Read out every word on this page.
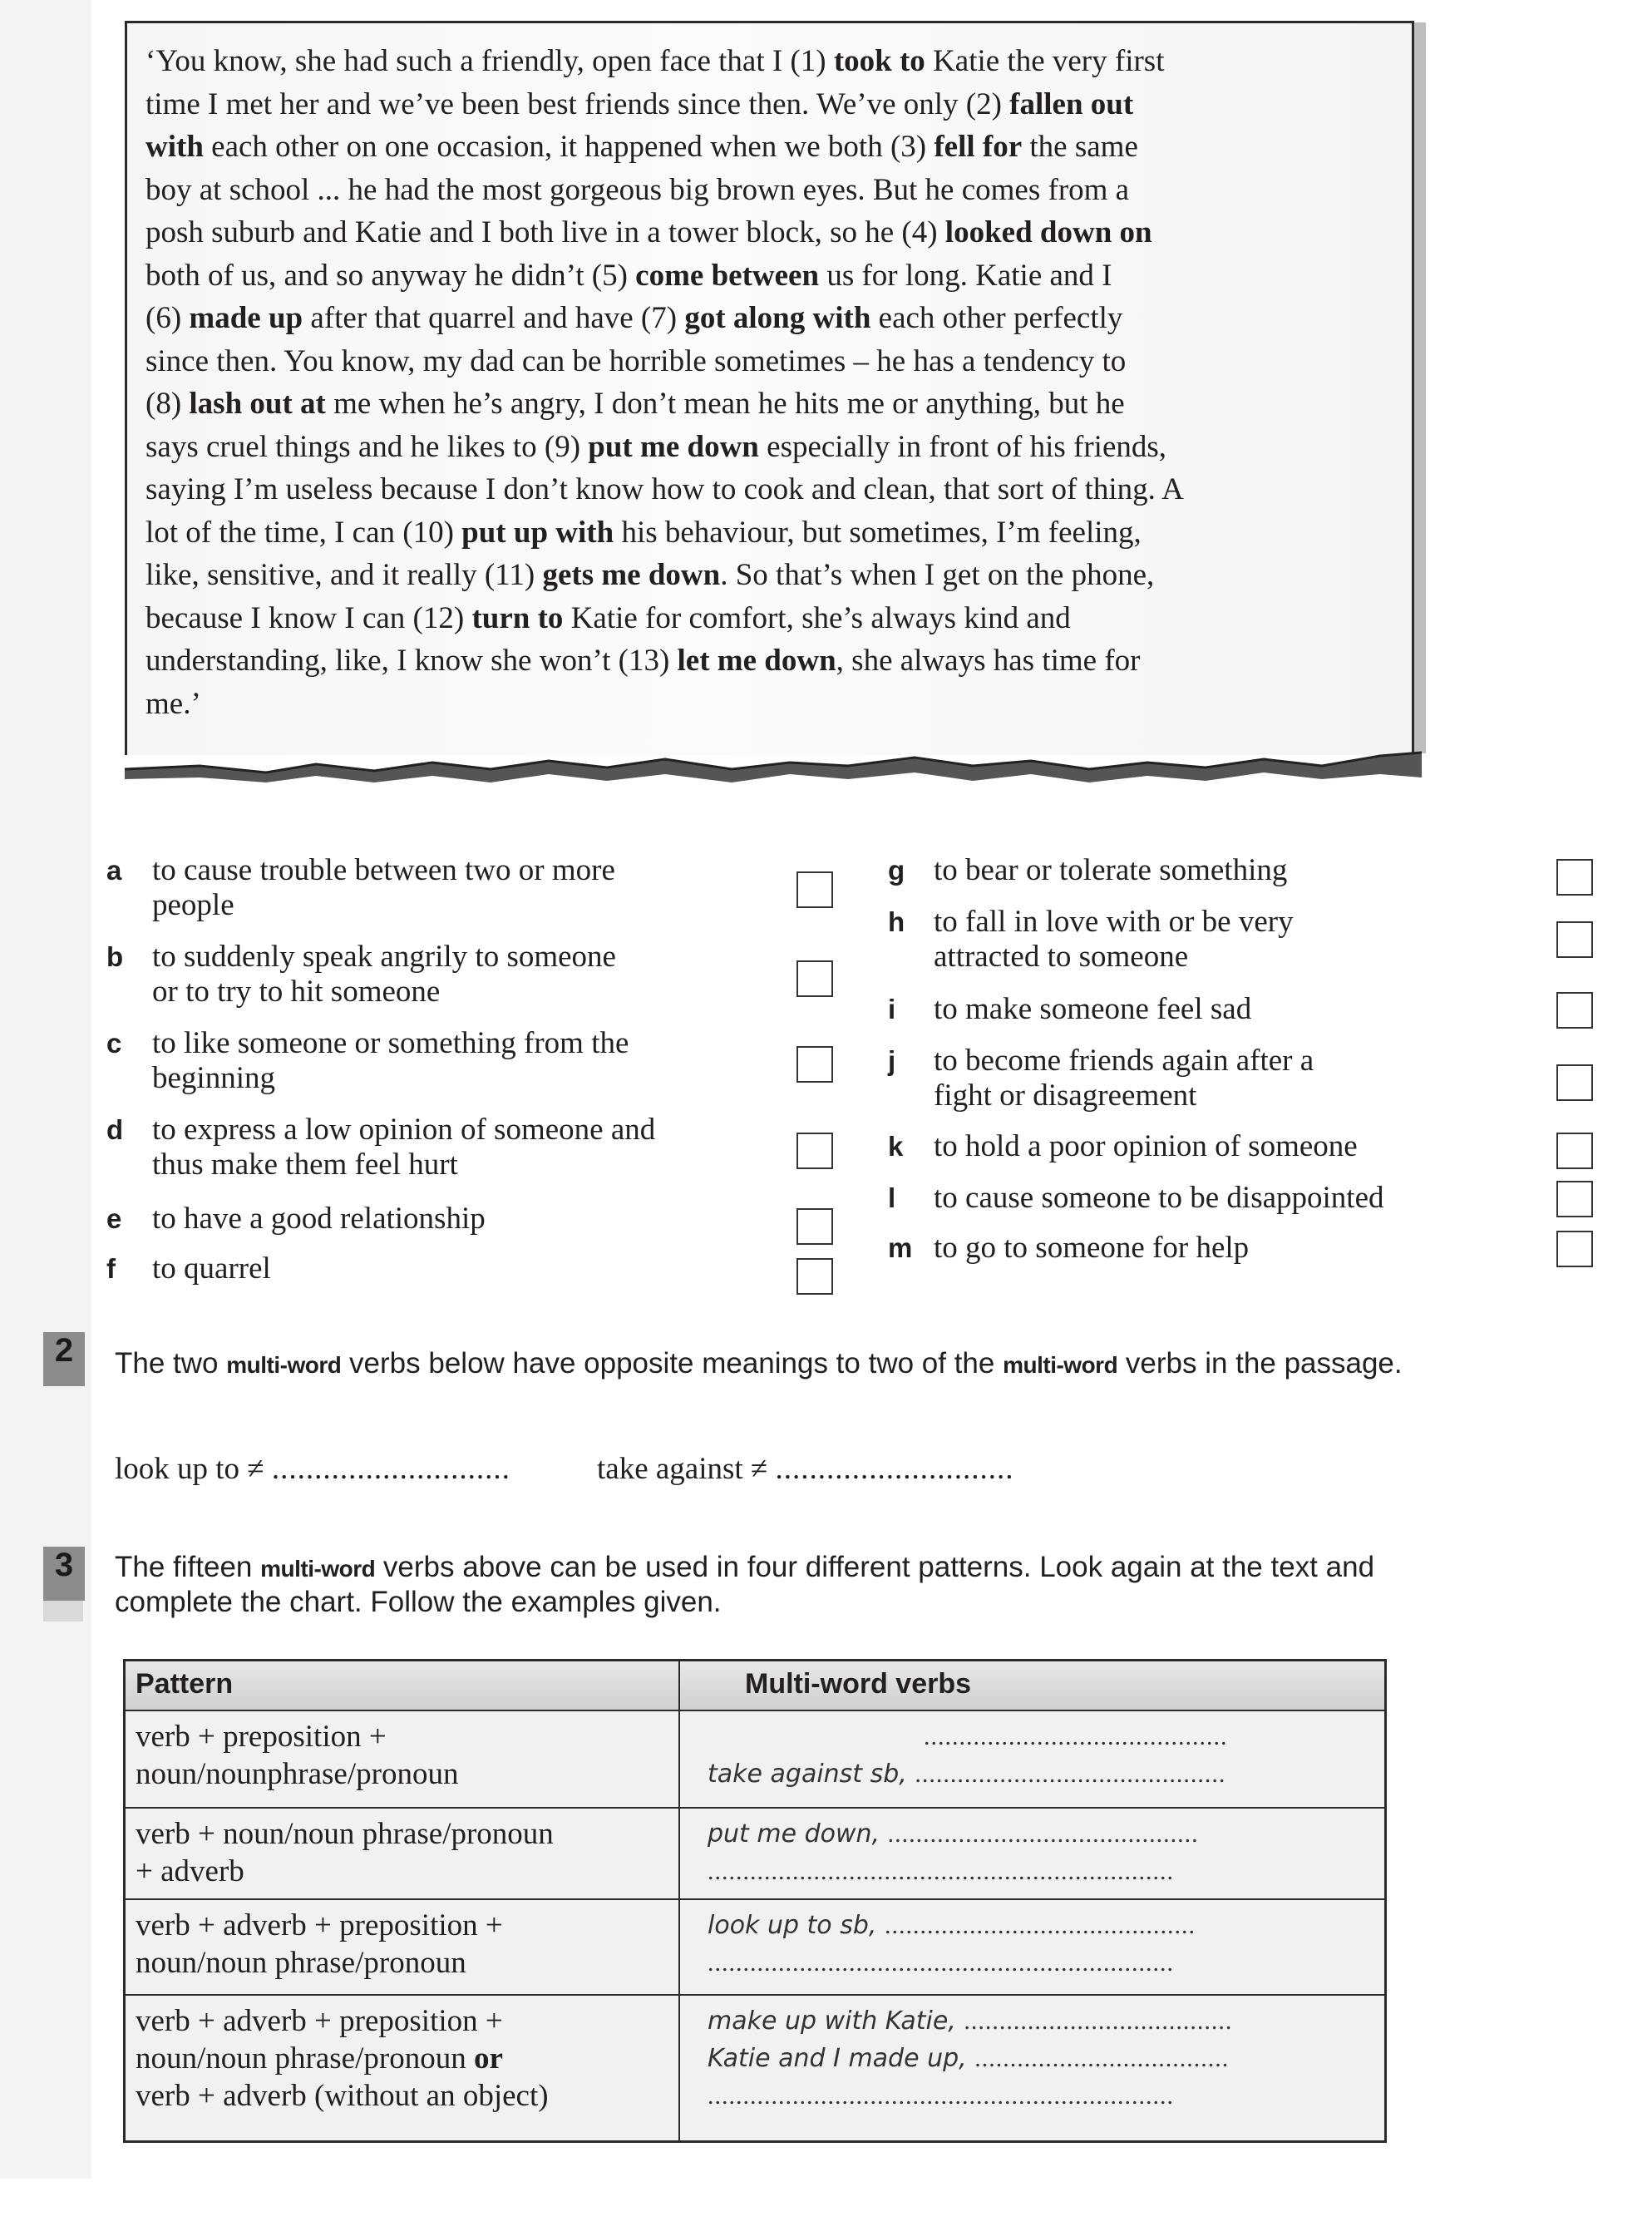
‘You know, she had such a friendly, open face that I (1) took to Katie the very first
time I met her and we’ve been best friends since then. We’ve only (2) fallen out
with each other on one occasion, it happened when we both (3) fell for the same
boy at school ... he had the most gorgeous big brown eyes. But he comes from a
posh suburb and Katie and I both live in a tower block, so he (4) looked down on
both of us, and so anyway he didn’t (5) come between us for long. Katie and I
(6) made up after that quarrel and have (7) got along with each other perfectly
since then. You know, my dad can be horrible sometimes – he has a tendency to
(8) lash out at me when he’s angry, I don’t mean he hits me or anything, but he
says cruel things and he likes to (9) put me down especially in front of his friends,
saying I’m useless because I don’t know how to cook and clean, that sort of thing. A
lot of the time, I can (10) put up with his behaviour, but sometimes, I’m feeling,
like, sensitive, and it really (11) gets me down. So that’s when I get on the phone,
because I know I can (12) turn to Katie for comfort, she’s always kind and
understanding, like, I know she won’t (13) let me down, she always has time for
me.’
a to cause trouble between two or more
people
b to suddenly speak angrily to someone
or to try to hit someone
c to like someone or something from the
beginning
d to express a low opinion of someone and
thus make them feel hurt
e to have a good relationship
f	to quarrel
g to bear or tolerate something
h to fall in love with or be very
attracted to someone
i	to make someone feel sad
j	to become friends again after a
fight or disagreement
k to hold a poor opinion of someone
l	to cause someone to be disappointed
m to go to someone for help
2	The two multi-word verbs below have opposite meanings to two of the multi-word verbs in the passage.
look up to ≠ ............................	take against ≠ ............................
3	The fifteen multi-word verbs above can be used in four different patterns. Look again at the text and
complete the chart. Follow the examples given.
Pattern	Multi-word verbs
verb + preposition +
noun/nounphrase/pronoun
...........................................
take against sb, ............................................
verb + noun/noun phrase/pronoun
+ adverb
put me down, ............................................
..................................................................
verb + adverb + preposition +
noun/noun phrase/pronoun
look up to sb, ............................................
..................................................................
verb + adverb + preposition +
noun/noun phrase/pronoun or
verb + adverb (without an object)
make up with Katie, ......................................
Katie and I made up, ....................................
..................................................................
